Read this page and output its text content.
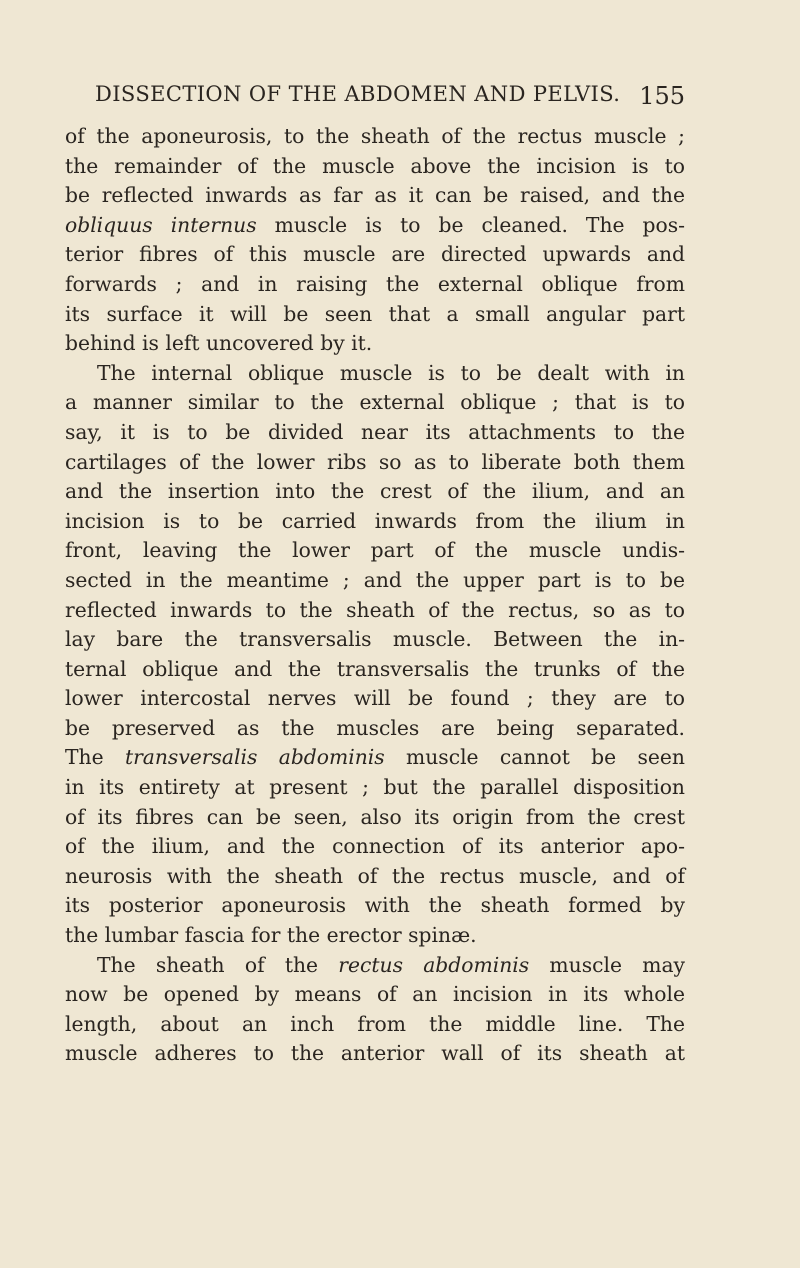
DISSECTION OF THE ABDOMEN AND PELVIS. 155
of the aponeurosis, to the sheath of the rectus muscle ;
the remainder of the muscle above the incision is to
be reflected inwards as far as it can be raised, and the
obliquus internus muscle is to be cleaned. The pos-
terior fibres of this muscle are directed upwards and
forwards ; and in raising the external oblique from
its surface it will be seen that a small angular part
behind is left uncovered by it.
The internal oblique muscle is to be dealt with in
a manner similar to the external oblique ; that is to
say, it is to be divided near its attachments to the
cartilages of the lower ribs so as to liberate both them
and the insertion into the crest of the ilium, and an
incision is to be carried inwards from the ilium in
front, leaving the lower part of the muscle undis-
sected in the meantime ; and the upper part is to be
reflected inwards to the sheath of the rectus, so as to
lay bare the transversalis muscle. Between the in-
ternal oblique and the transversalis the trunks of the
lower intercostal nerves will be found ; they are to
be preserved as the muscles are being separated.
The transversalis abdominis muscle cannot be seen
in its entirety at present ; but the parallel disposition
of its fibres can be seen, also its origin from the crest
of the ilium, and the connection of its anterior apo-
neurosis with the sheath of the rectus muscle, and of
its posterior aponeurosis with the sheath formed by
the lumbar fascia for the erector spinæ.
The sheath of the rectus abdominis muscle may
now be opened by means of an incision in its whole
length, about an inch from the middle line. The
muscle adheres to the anterior wall of its sheath at
